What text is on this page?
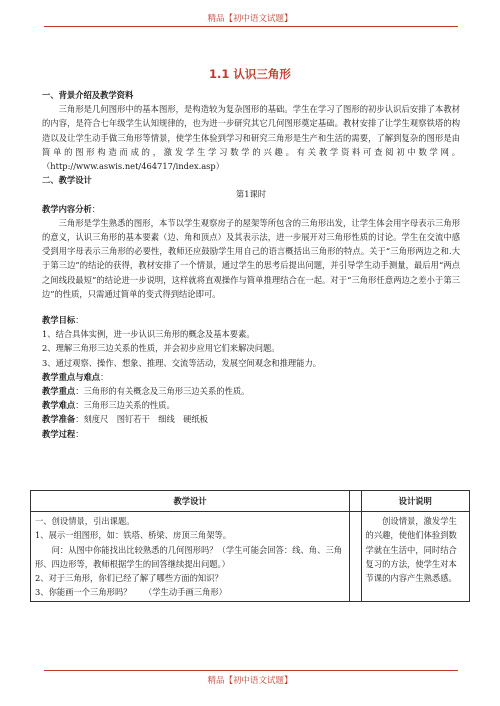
精品【初中语文试题】
1.1 认识三角形

一、背景介绍及教学资料

三角形是几何图形中的基本图形，是构造较为复杂图形的基础。学生在学习了图形的初步认识后安排了本教材的内容，是符合七年级学生认知规律的，也为进一步研究其它几何图形奠定基础。教材安排了让学生观察铁塔的构造以及让学生动手做三角形等情景，使学生体验到学习和研究三角形是生产和生活的需要，了解到复杂的图形是由简单的图形构造而成的，激发学生学习数学的兴趣。有关教学资料可查阅初中数学网。（http://www.aswis.net/464717/index.asp）

二、教学设计

第1课时

教学内容分析：

三角形是学生熟悉的图形，本节以学生观察房子的屋架等所包含的三角形出发，让学生体会用字母表示三角形的意义，认识三角形的基本要素（边、角和顶点）及其表示法，进一步展开对三角形性质的讨论。学生在交流中感受到用字母表示三角形的必要性，教师还应鼓励学生用自己的语言概括出三角形的特点。关于“三角形两边之和.大于第三边”的结论的获得，教材安排了一个情景，通过学生的思考后提出问题，并引导学生动手测量，最后用“两点之间线段最短”的结论进一步说明，这样就将直观操作与简单推理结合在一起。对于“三角形任意两边之差小于第三边”的性质，只需通过简单的变式得到结论即可。

教学目标：

1、结合具体实例，进一步认识三角形的概念及基本要素。

2、理解三角形三边关系的性质，并会初步应用它们来解决问题。

3、通过观察、操作、想象、推理、交流等活动，发展空间观念和推理能力。

教学重点与难点：

教学重点：三角形的有关概念及三角形三边关系的性质。

教学难点：三角形三边关系的性质。

教学准备：刻度尺　图钉若干　细线　硬纸板

教学过程：

教学设计		设计说明

一、创设情景，引出课题。
1、展示一组图形，如：铁塔、桥梁、房顶三角架等。
问：从图中你能找出比较熟悉的几何图形吗？（学生可能会回答：线、角、三角形、四边形等，教师根据学生的回答继续提出问题。）
2、对于三角形，你们已经了解了哪些方面的知识？
3、你能画一个三角形吗？　　（学生动手画三角形）		创设情景，激发学生的兴趣，使他们体验到数学就在生活中，同时结合复习的方法，使学生对本节课的内容产生熟悉感。
精品【初中语文试题】
